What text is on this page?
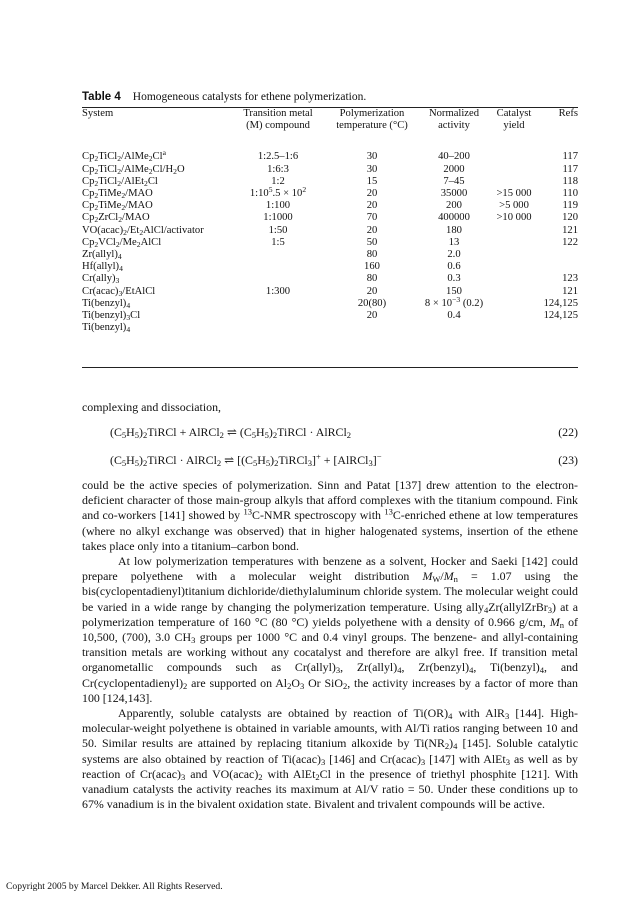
Table 4 Homogeneous catalysts for ethene polymerization.
System	Transition metal	Polymerization	Normalized	Catalyst	Refs
	(M) compound	temperature (°C)	activity	yield	
$Cp_2TiCl_2/AlMe_2Cl^a$	1:2.5–1:6	30	40–200		117
$Cp_2TiCl_2/AlMe_2Cl/H_2O$	1:6:3	30	2000		117
$Cp_2TiCl_2/AlEt_2Cl$	1:2	15	7–45		118
$Cp_2TiMe_2$/MAO	$1:10^5.5 \times 10^2$	20	35000	>15 000	110
$Cp_2TiMe_2$/MAO	1:100	20	200	>5 000	119
$Cp_2ZrCl_2$/MAO	1:1000	70	400000	>10 000	120
$VO(acac)_2/Et_2AlCl$/activator	1:50	20	180		121
$Cp_2VCl_2/Me_2AlCl$	1:5	50	13		122
$Zr(allyl)_4$		80	2.0		
$Hf(allyl)_4$		160	0.6		
$Cr(ally)_3$		80	0.3		123
$Cr(acac)_3$/EtAlCl	1:300	20	150		121
$Ti(benzyl)_4$		20(80)	$8 \times 10^{-3}$ (0.2)		124,125
$Ti(benzyl)_3Cl$		20	0.4		124,125
$Ti(benzyl)_4$					
complexing and dissociation,
$(C_5H_5)_2TiRCl$ + AlRCl$_2$ ⇌ $(C_5H_5)_2TiRCl$ · AlRCl$_2$	(22)
$(C_5H_5)_2TiRCl$ · AlRCl$_2$ ⇌ $[(C_5H_5)_2TiRCl_3]^+$ + [AlRCl$_3$]−	(23)

could be the active species of polymerization. Sinn and Patat [137] drew attention to the electron-deficient character of those main-group alkyls that afford complexes with the titanium compound. Fink and co-workers [141] showed by $^{13}$C-NMR spectroscopy with $^{13}$C-enriched ethene at low temperatures (where no alkyl exchange was observed) that in higher halogenated systems, insertion of the ethene takes place only into a titanium–carbon bond.

At low polymerization temperatures with benzene as a solvent, Hocker and Saeki [142] could prepare polyethene with a molecular weight distribution $M_W/M_n = 1.07$ using the bis(cyclopentadienyl)titanium dichloride/diethylaluminum chloride system. The molecular weight could be varied in a wide range by changing the polymerization temperature. Using ally$_4$Zr(allylZrBr$_3$) at a polymerization temperature of 160 °C (80 °C) yields polyethene with a density of 0.966 g/cm, $M_n$ of 10,500, (700), 3.0 $CH_3$ groups per 1000 °C and 0.4 vinyl groups. The benzene- and allyl-containing transition metals are working without any cocatalyst and therefore are alkyl free. If transition metal organometallic compounds such as $Cr(allyl)_3$, $Zr(allyl)_4$, $Zr(benzyl)_4$, $Ti(benzyl)_4$, and $Cr(cyclopentadienyl)_2$ are supported on $Al_2O_3$ Or SiO$_2$, the activity increases by a factor of more than 100 [124,143].

Apparently, soluble catalysts are obtained by reaction of $Ti(OR)_4$ with AlR$_3$ [144]. High-molecular-weight polyethene is obtained in variable amounts, with Al/Ti ratios ranging between 10 and 50. Similar results are attained by replacing titanium alkoxide by $Ti(NR_2)_4$ [145]. Soluble catalytic systems are also obtained by reaction of $Ti(acac)_3$ [146] and $Cr(acac)_3$ [147] with AlEt$_3$ as well as by reaction of $Cr(acac)_3$ and $VO(acac)_2$ with AlEt$_2$Cl in the presence of triethyl phosphite [121]. With vanadium catalysts the activity reaches its maximum at Al/V ratio = 50. Under these conditions up to 67% vanadium is in the bivalent oxidation state. Bivalent and trivalent compounds will be active.

Copyright 2005 by Marcel Dekker. All Rights Reserved.
